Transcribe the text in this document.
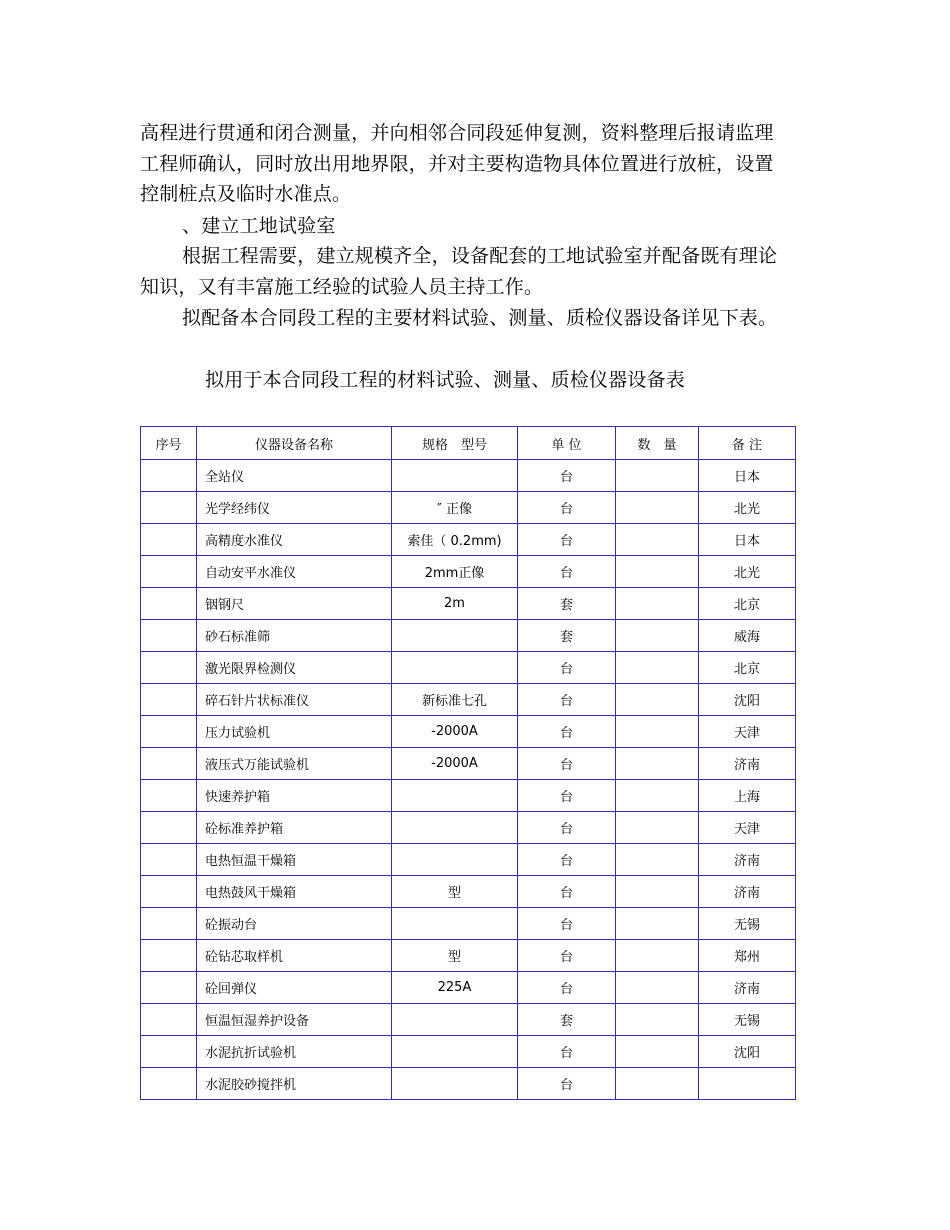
高程进行贯通和闭合测量，并向相邻合同段延伸复测，资料整理后报请监理工程师确认，同时放出用地界限，并对主要构造物具体位置进行放桩，设置控制桩点及临时水准点。

、建立工地试验室

根据工程需要，建立规模齐全，设备配套的工地试验室并配备既有理论知识，又有丰富施工经验的试验人员主持工作。

拟配备本合同段工程的主要材料试验、测量、质检仪器设备详见下表。

拟用于本合同段工程的材料试验、测量、质检仪器设备表
序号	仪器设备名称	规格　型号	单 位	数　量	备 注
	全站仪		台		日本
	光学经纬仪	″ 正像	台		北光
	高精度水准仪	索佳（ 0.2mm)	台		日本
	自动安平水准仪	2mm正像	台		北光
	铟钢尺	2m	套		北京
	砂石标准筛		套		威海
	激光限界检测仪		台		北京
	碎石针片状标准仪	新标准七孔	台		沈阳
	压力试验机	-2000A	台		天津
	液压式万能试验机	-2000A	台		济南
	快速养护箱		台		上海
	砼标准养护箱		台		天津
	电热恒温干燥箱		台		济南
	电热鼓风干燥箱	型	台		济南
	砼振动台		台		无锡
	砼钻芯取样机	型	台		郑州
	砼回弹仪	225A	台		济南
	恒温恒湿养护设备		套		无锡
	水泥抗折试验机		台		沈阳
	水泥胶砂搅拌机		台		
